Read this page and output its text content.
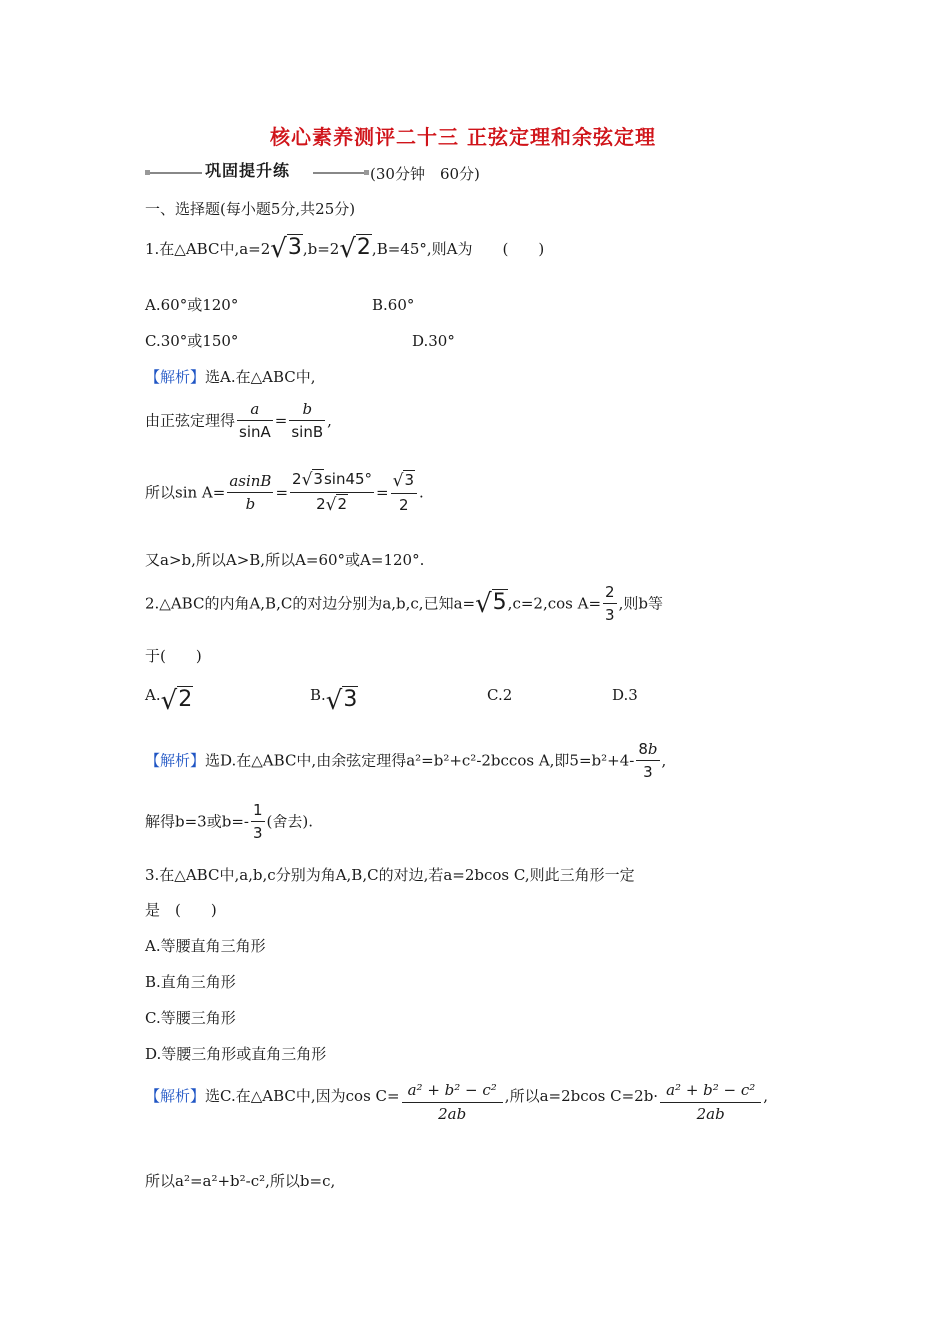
核心素养测评二十三 正弦定理和余弦定理
巩固提升练	(30分钟　60分)
一、选择题(每小题5分,共25分)
1.在△ABC中,a=2√3,b=2√2,B=45°,则A为　　(　　)
A.60°或120°	B.60°
C.30°或150°	D.30°
【解析】选A.在△ABC中,
由正弦定理得 $\frac{a}{\sin A} = \frac{b}{\sin B}$ ,
所以$\sin A= \frac{asinB}{b} = \frac{2√3\sin 45^\circ}{2√2} = \frac{√3}{2}$ .
又a>b,所以A>B,所以A=60°或A=120°.
2.△ABC的内角A,B,C的对边分别为a,b,c,已知a=√5,c=2,cos $A= \frac{2}{3}$ ,则b等
于(　　)
A.√2	B.√3	C.2	D.3
【解析】选D.在△ABC中,由余弦定理得a²=b²+c²-2bccos A,即$5=b^2+4- \frac{8b}{3}$ ,
解得b=3或$b=- \frac{1}{3}$ (舍去).
3.在△ABC中,a,b,c分别为角A,B,C的对边,若a=2bcos C,则此三角形一定
是　(　　)
A.等腰直角三角形
B.直角三角形
C.等腰三角形
D.等腰三角形或直角三角形
【解析】选C.在△ABC中,因为$\cos C= \frac{\text{a² + b² − c²}}{2ab}$ ,所以a=2bcos $C=2b\cdot \frac{\text{a² + b² − c²}}{2ab}$ ,
所以a²=a²+b²-c²,所以b=c,
